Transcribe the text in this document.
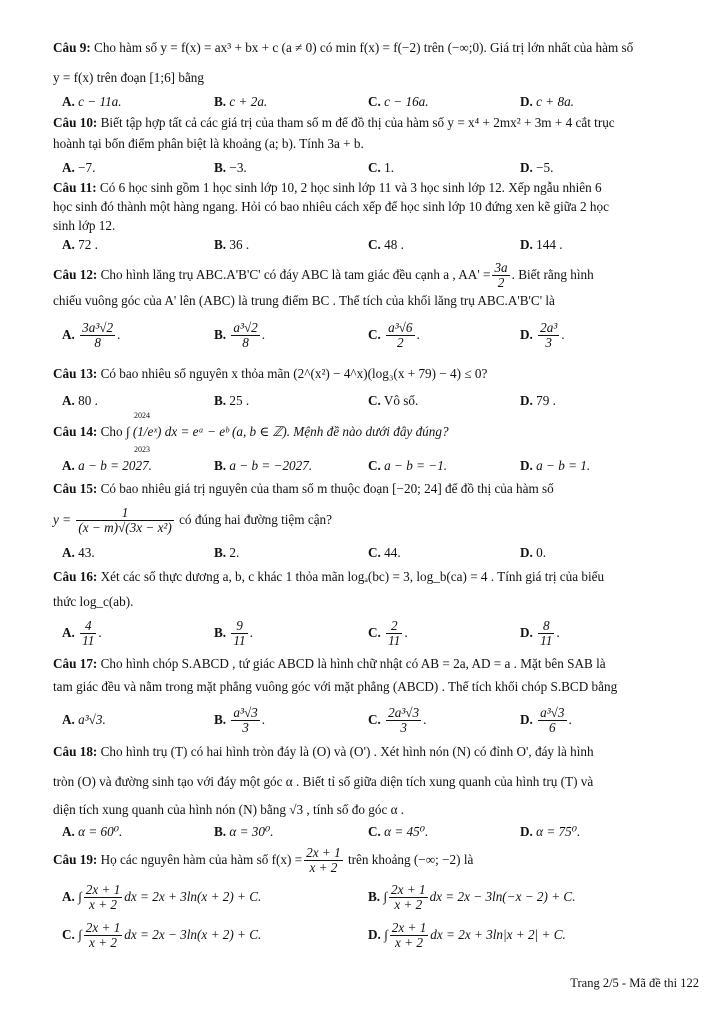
Câu 9: Cho hàm số y = f(x) = ax³ + bx + c (a ≠ 0) có min f(x) = f(−2) trên (−∞;0). Giá trị lớn nhất của hàm số
y = f(x) trên đoạn [1;6] bằng
A. c − 11a.	B. c + 2a.	C. c − 16a.	D. c + 8a.
Câu 10: Biết tập hợp tất cả các giá trị của tham số m để đồ thị của hàm số y = x⁴ + 2mx² + 3m + 4 cắt trục
hoành tại bốn điểm phân biệt là khoảng (a; b). Tính 3a + b.
A. −7.	B. −3.	C. 1.	D. −5.
Câu 11: Có 6 học sinh gồm 1 học sinh lớp 10, 2 học sinh lớp 11 và 3 học sinh lớp 12. Xếp ngẫu nhiên 6
học sinh đó thành một hàng ngang. Hỏi có bao nhiêu cách xếp để học sinh lớp 10 đứng xen kẽ giữa 2 học
sinh lớp 12.
A. 72 .	B. 36 .	C. 48 .	D. 144 .
Câu 12: Cho hình lăng trụ ABC.A'B'C' có đáy ABC là tam giác đều cạnh a , $AA' = \frac{3a}{2}$ . Biết rằng hình
chiếu vuông góc của A' lên (ABC) là trung điểm BC . Thể tích của khối lăng trụ ABC.A'B'C' là
A. $\frac{\text{3a³√2}}{8}$ .	B. $\frac{\text{a³√2}}{8}$ .	C. $\frac{\text{a³√6}}{2}$ .	D. $\frac{\text{2a³}}{3}$ .
Câu 13: Có bao nhiêu số nguyên x thỏa mãn (2^(x²) − 4^x)(log₃(x + 79) − 4) ≤ 0?
A. 80 .	B. 25 .	C. Vô số.	D. 79 .
2024
Câu 14: Cho ∫ (1/eˣ) dx = eᵃ − eᵇ (a, b ∈ ℤ). Mệnh đề nào dưới đây đúng?
2023
A. a − b = 2027.	B. a − b = −2027.	C. a − b = −1.	D. a − b = 1.
Câu 15: Có bao nhiêu giá trị nguyên của tham số m thuộc đoạn [−20; 24] để đồ thị của hàm số
$y = \frac{1}{\text{(x − m)√(3x − x²)}}$ có đúng hai đường tiệm cận?
A. 43.	B. 2.	C. 44.	D. 0.
Câu 16: Xét các số thực dương a, b, c khác 1 thỏa mãn logₐ(bc) = 3, log_b(ca) = 4 . Tính giá trị của biểu
thức log_c(ab).
A. $\frac{4}{11}$ .	B. $\frac{9}{11}$ .	C. $\frac{2}{11}$ .	D. $\frac{8}{11}$ .
Câu 17: Cho hình chóp S.ABCD , tứ giác ABCD là hình chữ nhật có AB = 2a, AD = a . Mặt bên SAB là
tam giác đều và nằm trong mặt phẳng vuông góc với mặt phẳng (ABCD) . Thể tích khối chóp S.BCD bằng
A. a³√3.	B. $\frac{\text{a³√3}}{3}$ .	C. $\frac{\text{2a³√3}}{3}$ .	D. $\frac{\text{a³√3}}{6}$ .
Câu 18: Cho hình trụ (T) có hai hình tròn đáy là (O) và (O') . Xét hình nón (N) có đỉnh O', đáy là hình
tròn (O) và đường sinh tạo với đáy một góc α . Biết tỉ số giữa diện tích xung quanh của hình trụ (T) và
diện tích xung quanh của hình nón (N) bằng √3 , tính số đo góc α .
A. α = 60⁰.	B. α = 30⁰.	C. α = 45⁰.	D. α = 75⁰.
Câu 19: Họ các nguyên hàm của hàm số $f(x) = \frac{2x + 1}{x + 2}$ trên khoảng (−∞; −2) là
A. ∫ $\frac{2x + 1}{x + 2}$ dx = 2x + 3ln(x + 2) + C.	B. ∫ $\frac{2x + 1}{x + 2}$ dx = 2x − 3ln(−x − 2) + C.
C. ∫ $\frac{2x + 1}{x + 2}$ dx = 2x − 3ln(x + 2) + C.	D. ∫ $\frac{2x + 1}{x + 2}$ dx = 2x + 3ln|x + 2| + C.
Trang 2/5 - Mã đề thi 122
